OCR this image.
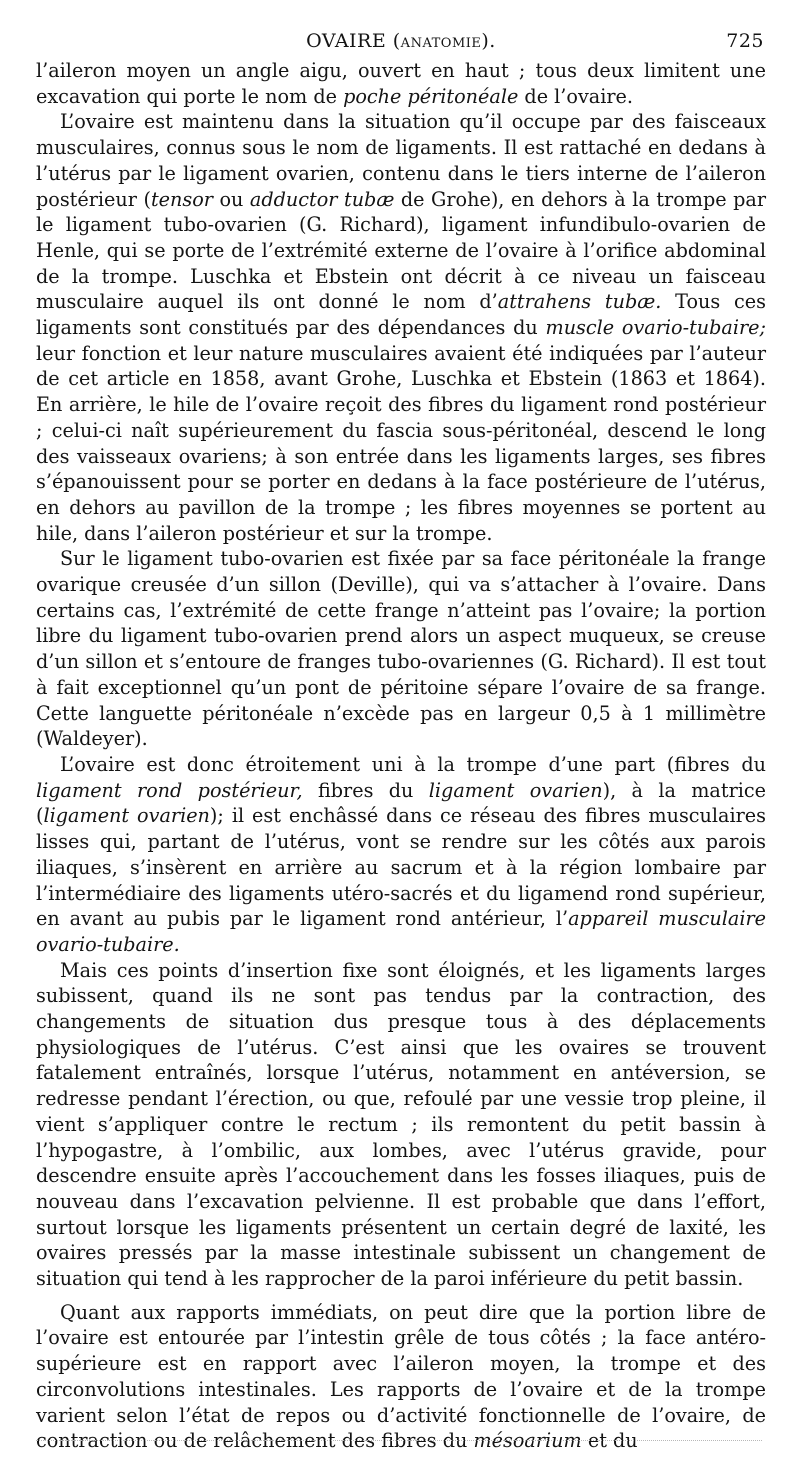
OVAIRE (anatomie).	725

l’aileron moyen un angle aigu, ouvert en haut ; tous deux limitent une excavation qui porte le nom de poche péritonéale de l’ovaire.

L’ovaire est maintenu dans la situation qu’il occupe par des faisceaux musculaires, connus sous le nom de ligaments. Il est rattaché en dedans à l’utérus par le ligament ovarien, contenu dans le tiers interne de l’aileron postérieur (tensor ou adductor tubæ de Grohe), en dehors à la trompe par le ligament tubo-ovarien (G. Richard), ligament infundibulo-ovarien de Henle, qui se porte de l’extrémité externe de l’ovaire à l’orifice abdominal de la trompe. Luschka et Ebstein ont décrit à ce niveau un faisceau musculaire auquel ils ont donné le nom d’attrahens tubæ. Tous ces ligaments sont constitués par des dépendances du muscle ovario-tubaire; leur fonction et leur nature musculaires avaient été indiquées par l’auteur de cet article en 1858, avant Grohe, Luschka et Ebstein (1863 et 1864). En arrière, le hile de l’ovaire reçoit des fibres du ligament rond postérieur ; celui-ci naît supérieurement du fascia sous-péritonéal, descend le long des vaisseaux ovariens; à son entrée dans les ligaments larges, ses fibres s’épanouissent pour se porter en dedans à la face postérieure de l’utérus, en dehors au pavillon de la trompe ; les fibres moyennes se portent au hile, dans l’aileron postérieur et sur la trompe.

Sur le ligament tubo-ovarien est fixée par sa face péritonéale la frange ovarique creusée d’un sillon (Deville), qui va s’attacher à l’ovaire. Dans certains cas, l’extrémité de cette frange n’atteint pas l’ovaire; la portion libre du ligament tubo-ovarien prend alors un aspect muqueux, se creuse d’un sillon et s’entoure de franges tubo-ovariennes (G. Richard). Il est tout à fait exceptionnel qu’un pont de péritoine sépare l’ovaire de sa frange. Cette languette péritonéale n’excède pas en largeur 0,5 à 1 millimètre (Waldeyer).

L’ovaire est donc étroitement uni à la trompe d’une part (fibres du ligament rond postérieur, fibres du ligament ovarien), à la matrice (ligament ovarien); il est enchâssé dans ce réseau des fibres musculaires lisses qui, partant de l’utérus, vont se rendre sur les côtés aux parois iliaques, s’insèrent en arrière au sacrum et à la région lombaire par l’intermédiaire des ligaments utéro-sacrés et du ligamend rond supérieur, en avant au pubis par le ligament rond antérieur, l’appareil musculaire ovario-tubaire.

Mais ces points d’insertion fixe sont éloignés, et les ligaments larges subissent, quand ils ne sont pas tendus par la contraction, des changements de situation dus presque tous à des déplacements physiologiques de l’utérus. C’est ainsi que les ovaires se trouvent fatalement entraînés, lorsque l’utérus, notamment en antéversion, se redresse pendant l’érection, ou que, refoulé par une vessie trop pleine, il vient s’appliquer contre le rectum ; ils remontent du petit bassin à l’hypogastre, à l’ombilic, aux lombes, avec l’utérus gravide, pour descendre ensuite après l’accouchement dans les fosses iliaques, puis de nouveau dans l’excavation pelvienne. Il est probable que dans l’effort, surtout lorsque les ligaments présentent un certain degré de laxité, les ovaires pressés par la masse intestinale subissent un changement de situation qui tend à les rapprocher de la paroi inférieure du petit bassin.

Quant aux rapports immédiats, on peut dire que la portion libre de l’ovaire est entourée par l’intestin grêle de tous côtés ; la face antéro-supérieure est en rapport avec l’aileron moyen, la trompe et des circonvolutions intestinales. Les rapports de l’ovaire et de la trompe varient selon l’état de repos ou d’activité fonctionnelle de l’ovaire, de contraction ou de relâchement des fibres du mésoarium et du
